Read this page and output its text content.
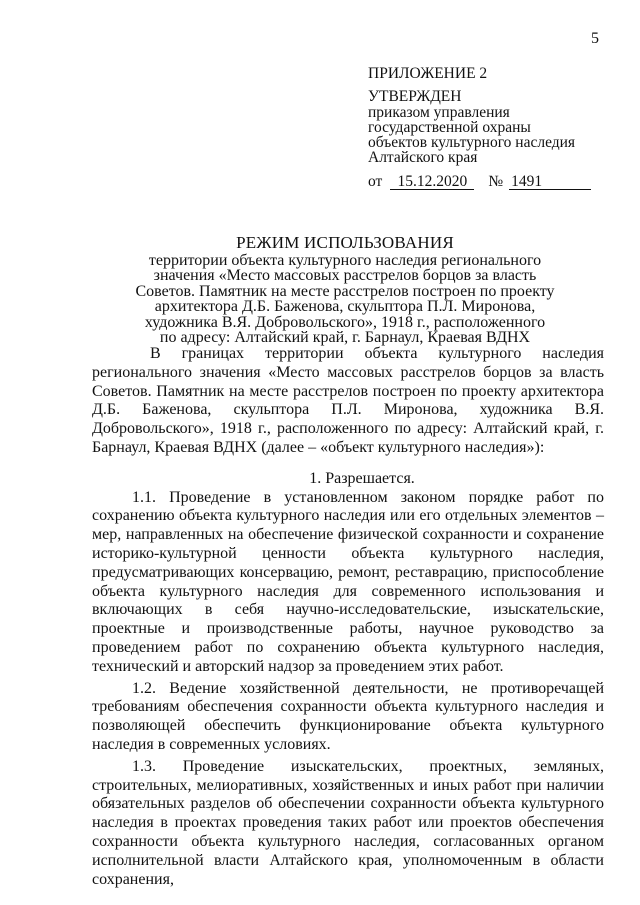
5
ПРИЛОЖЕНИЕ 2
УТВЕРЖДЕН
приказом управления
государственной охраны
объектов культурного наследия
Алтайского края
от 15.12.2020 № 1491
РЕЖИМ ИСПОЛЬЗОВАНИЯ
территории объекта культурного наследия регионального
значения «Место массовых расстрелов борцов за власть
Советов. Памятник на месте расстрелов построен по проекту
архитектора Д.Б. Баженова, скульптора П.Л. Миронова,
художника В.Я. Добровольского», 1918 г., расположенного
по адресу: Алтайский край, г. Барнаул, Краевая ВДНХ

В границах территории объекта культурного наследия регионального значения «Место массовых расстрелов борцов за власть Советов. Памятник на месте расстрелов построен по проекту архитектора Д.Б. Баженова, скульптора П.Л. Миронова, художника В.Я. Добровольского», 1918 г., расположенного по адресу: Алтайский край, г. Барнаул, Краевая ВДНХ (далее – «объект культурного наследия»):

1. Разрешается.

1.1. Проведение в установленном законом порядке работ по сохранению объекта культурного наследия или его отдельных элементов – мер, направленных на обеспечение физической сохранности и сохранение историко-культурной ценности объекта культурного наследия, предусматривающих консервацию, ремонт, реставрацию, приспособление объекта культурного наследия для современного использования и включающих в себя научно-исследовательские, изыскательские, проектные и производственные работы, научное руководство за проведением работ по сохранению объекта культурного наследия, технический и авторский надзор за проведением этих работ.

1.2. Ведение хозяйственной деятельности, не противоречащей требованиям обеспечения сохранности объекта культурного наследия и позволяющей обеспечить функционирование объекта культурного наследия в современных условиях.

1.3. Проведение изыскательских, проектных, земляных, строительных, мелиоративных, хозяйственных и иных работ при наличии обязательных разделов об обеспечении сохранности объекта культурного наследия в проектах проведения таких работ или проектов обеспечения сохранности объекта культурного наследия, согласованных органом исполнительной власти Алтайского края, уполномоченным в области сохранения,
